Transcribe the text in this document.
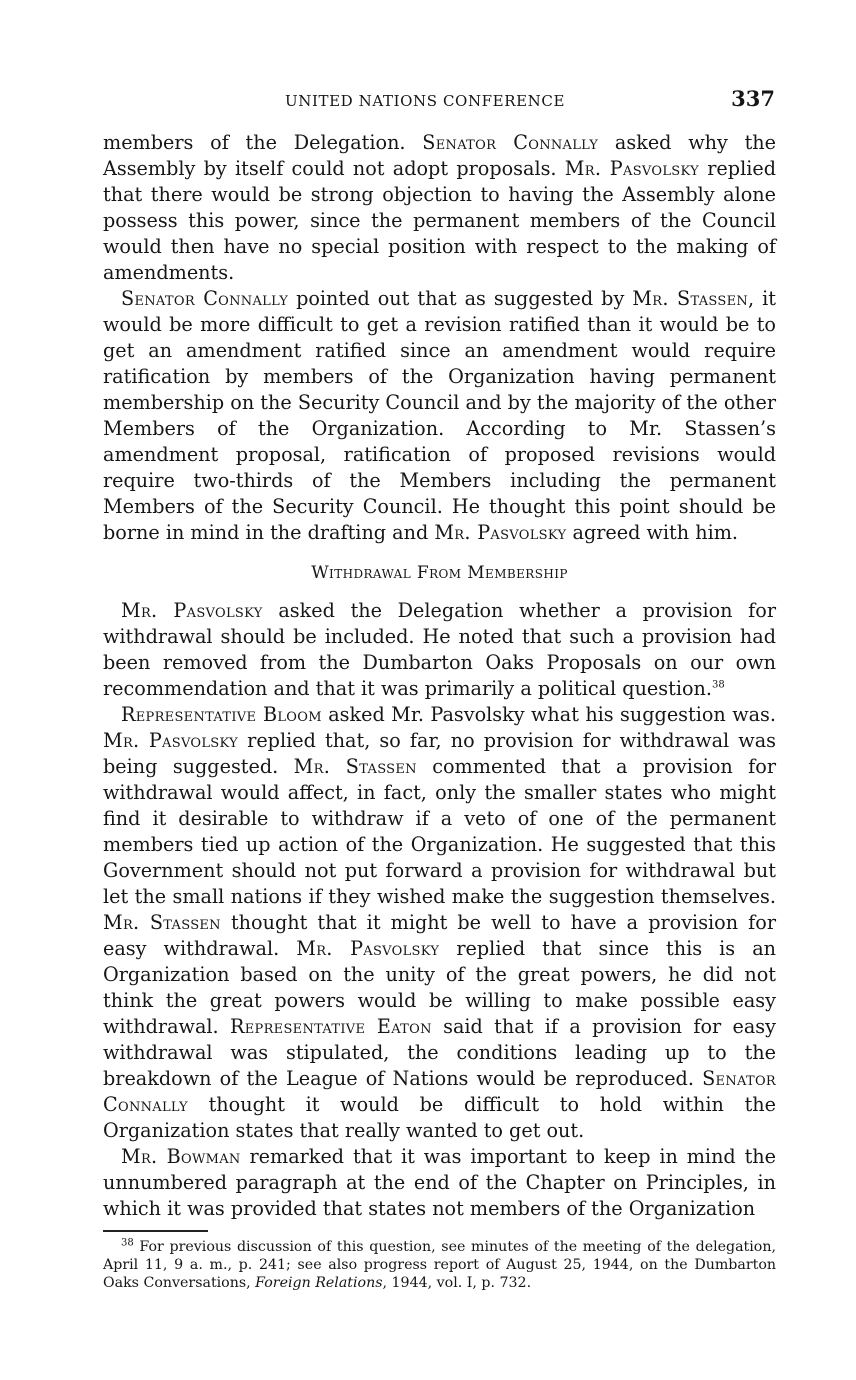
UNITED NATIONS CONFERENCE	337

members of the Delegation. Senator Connally asked why the Assembly by itself could not adopt proposals. Mr. Pasvolsky replied that there would be strong objection to having the Assembly alone possess this power, since the permanent members of the Council would then have no special position with respect to the making of amendments.

Senator Connally pointed out that as suggested by Mr. Stassen, it would be more difficult to get a revision ratified than it would be to get an amendment ratified since an amendment would require ratification by members of the Organization having permanent membership on the Security Council and by the majority of the other Members of the Organization. According to Mr. Stassen’s amendment proposal, ratification of proposed revisions would require two-thirds of the Members including the permanent Members of the Security Council. He thought this point should be borne in mind in the drafting and Mr. Pasvolsky agreed with him.

Withdrawal From Membership

Mr. Pasvolsky asked the Delegation whether a provision for withdrawal should be included. He noted that such a provision had been removed from the Dumbarton Oaks Proposals on our own recommendation and that it was primarily a political question.$^{38}$

Representative Bloom asked Mr. Pasvolsky what his suggestion was. Mr. Pasvolsky replied that, so far, no provision for withdrawal was being suggested. Mr. Stassen commented that a provision for withdrawal would affect, in fact, only the smaller states who might find it desirable to withdraw if a veto of one of the permanent members tied up action of the Organization. He suggested that this Government should not put forward a provision for withdrawal but let the small nations if they wished make the suggestion themselves. Mr. Stassen thought that it might be well to have a provision for easy withdrawal. Mr. Pasvolsky replied that since this is an Organization based on the unity of the great powers, he did not think the great powers would be willing to make possible easy withdrawal. Representative Eaton said that if a provision for easy withdrawal was stipulated, the conditions leading up to the breakdown of the League of Nations would be reproduced. Senator Connally thought it would be difficult to hold within the Organization states that really wanted to get out.

Mr. Bowman remarked that it was important to keep in mind the unnumbered paragraph at the end of the Chapter on Principles, in which it was provided that states not members of the Organization

$^{38}$ For previous discussion of this question, see minutes of the meeting of the delegation, April 11, 9 a. m., p. 241; see also progress report of August 25, 1944, on the Dumbarton Oaks Conversations, Foreign Relations, 1944, vol. I, p. 732.
